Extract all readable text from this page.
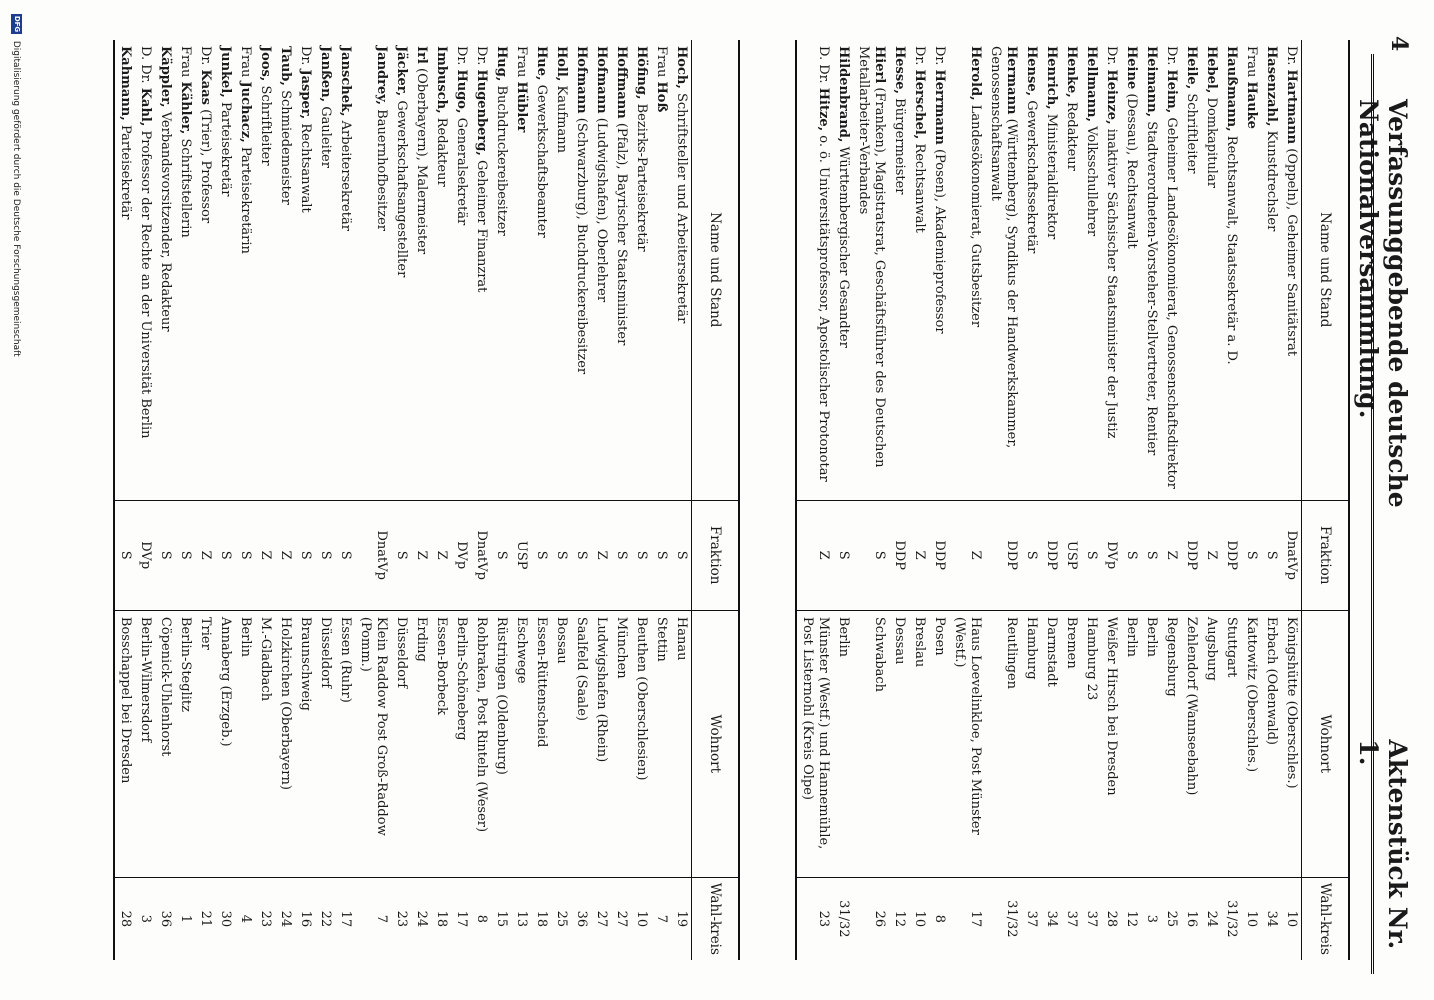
4
Verfassunggebende deutsche Nationalversammlung.
Aktenstück Nr. 1.
Name und Stand	Fraktion	Wohnort	Wahl-kreis
Dr. Hartmann (Oppeln), Geheimer Sanitätsrat	DnatVp	Königshütte (Oberschles.)	10
Hasenzahl, Kunstdrechsler	S	Erbach (Odenwald)	34
Frau Hauke	S	Kattowitz (Oberschles.)	10
Haußmann, Rechtsanwalt, Staatssekretär a. D.	DDP	Stuttgart	31/32
Hebel, Domkapitular	Z	Augsburg	24
Heile, Schriftleiter	DDP	Zehlendorf (Wannseebahn)	16
Dr. Heim, Geheimer Landesökonomierat, Genossenschaftsdirektor	Z	Regensburg	25
Heimann, Stadtverordneten-Vorsteher-Stellvertreter, Rentier	S	Berlin	3
Heine (Dessau), Rechtsanwalt	S	Berlin	12
Dr. Heinze, inaktiver Sächsischer Staatsminister der Justiz	DVp	Weißer Hirsch bei Dresden	28
Hellmann, Volksschullehrer	S	Hamburg 23	37
Henke, Redakteur	USP	Bremen	37
Henrich, Ministerialdirektor	DDP	Darmstadt	34
Hense, Gewerkschaftssekretär	S	Hamburg	37
Hermann (Württemberg), Syndikus der Handwerkskammer, Genossenschaftsanwalt	DDP	Reutlingen	31/32
Herold, Landesökonomierat, Gutsbesitzer	Z	Haus Loevelinkloe, Post Münster (Westf.)	17
Dr. Herrmann (Posen), Akademieprofessor	DDP	Posen	8
Dr. Herschel, Rechtsanwalt	Z	Breslau	10
Hesse, Bürgermeister	DDP	Dessau	12
Hierl (Franken), Magistratsrat, Geschäftsführer des Deutschen Metallarbeiter-Verbandes	S	Schwabach	26
Hildenbrand, Württembergischer Gesandter	S	Berlin	31/32
D. Dr. Hitze, o. ö. Universitätsprofessor, Apostolischer Protonotar	Z	Münster (Westf.) und Hannemühle, Post Listernohl (Kreis Olpe)	23
Name und Stand	Fraktion	Wohnort	Wahl-kreis
Hoch, Schriftsteller und Arbeitersekretär	S	Hanau	19
Frau Hoß	S	Stettin	7
Höfing, Bezirks-Parteisekretär	S	Beuthen (Oberschlesien)	10
Hoffmann (Pfalz), Bayrischer Staatsminister	S	München	27
Hofmann (Ludwigshafen), Oberlehrer	Z	Ludwigshafen (Rhein)	27
Hofmann (Schwarzburg), Buchdruckereibesitzer	S	Saalfeld (Saale)	36
Holl, Kaufmann	S	Bossau	25
Hue, Gewerkschaftsbeamter	S	Essen-Rüttenscheid	18
Frau Hübler	USP	Eschwege	13
Hug, Buchdruckereibesitzer	S	Rüstringen (Oldenburg)	15
Dr. Hugenberg, Geheimer Finanzrat	DnatVp	Rohbraken, Post Rinteln (Weser)	8
Dr. Hugo, Generalsekretär	DVp	Berlin-Schöneberg	17
Imbusch, Redakteur	Z	Essen-Borbeck	18
Irl (Oberbayern), Malermeister	Z	Erding	24
Jäcker, Gewerkschaftsangestellter	S	Düsseldorf	23
Jandrey, Bauernhofbesitzer	DnatVp	Klein Raddow Post Groß-Raddow (Pomm.)	7
Janschek, Arbeitersekretär	S	Essen (Ruhr)	17
Janßen, Gauleiter	S	Düsseldorf	22
Dr. Jasper, Rechtsanwalt	S	Braunschweig	16
Taub, Schmiedemeister	Z	Holzkirchen (Oberbayern)	24
Joos, Schriftleiter	Z	M.-Gladbach	23
Frau Juchacz, Parteisekretärin	S	Berlin	4
Junkel, Parteisekretär	S	Annaberg (Erzgeb.)	30
Dr. Kaas (Trier), Professor	Z	Trier	21
Frau Kähler, Schriftstellerin	S	Berlin-Steglitz	1
Käppler, Verbandsvorsitzender, Redakteur	S	Cöpenick-Uhlenhorst	36
D. Dr. Kahl, Professor der Rechte an der Universität Berlin	DVp	Berlin-Wilmersdorf	3
Kahmann, Parteisekretär	S	Bosschappel bei Dresden	28
DFG Digitalisierung gefördert durch die Deutsche Forschungsgemeinschaft
